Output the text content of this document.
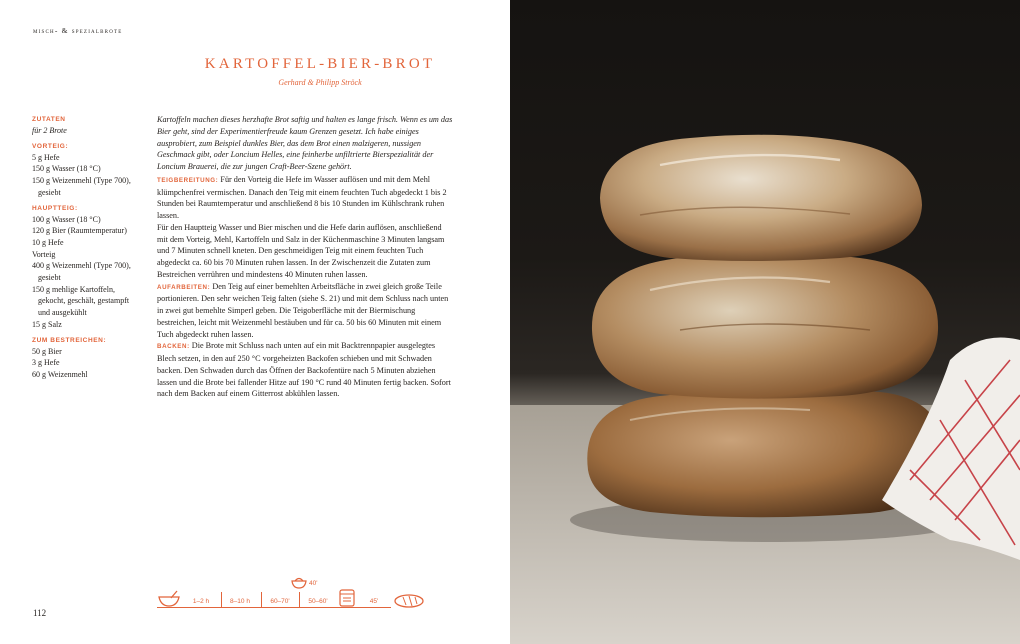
misch- & spezialbrote
KARTOFFEL-BIER-BROT
Gerhard & Philipp Ströck
ZUTATEN
für 2 Brote
VORTEIG:
5 g Hefe
150 g Wasser (18 °C)
150 g Weizenmehl (Type 700),
gesiebt
HAUPTTEIG:
100 g Wasser (18 °C)
120 g Bier (Raumtemperatur)
10 g Hefe
Vorteig
400 g Weizenmehl (Type 700),
gesiebt
150 g mehlige Kartoffeln,
gekocht, geschält, gestampft
und ausgekühlt
15 g Salz
ZUM BESTREICHEN:
50 g Bier
3 g Hefe
60 g Weizenmehl

Kartoffeln machen dieses herzhafte Brot saftig und halten es lange frisch. Wenn es um das Bier geht, sind der Experimentierfreude kaum Grenzen gesetzt. Ich habe einiges ausprobiert, zum Beispiel dunkles Bier, das dem Brot einen malzigeren, nussigen Geschmack gibt, oder Loncium Helles, eine feinherbe unfiltrierte Bierspezialität der Loncium Brauerei, die zur jungen Craft-Beer-Szene gehört.

TEIGBEREITUNG: Für den Vorteig die Hefe im Wasser auflösen und mit dem Mehl klümpchenfrei vermischen. Danach den Teig mit einem feuchten Tuch abgedeckt 1 bis 2 Stunden bei Raumtemperatur und anschließend 8 bis 10 Stunden im Kühlschrank ruhen lassen.

Für den Hauptteig Wasser und Bier mischen und die Hefe darin auflösen, anschließend mit dem Vorteig, Mehl, Kartoffeln und Salz in der Küchenmaschine 3 Minuten langsam und 7 Minuten schnell kneten. Den geschmeidigen Teig mit einem feuchten Tuch abgedeckt ca. 60 bis 70 Minuten ruhen lassen. In der Zwischenzeit die Zutaten zum Bestreichen verrühren und mindestens 40 Minuten ruhen lassen.

AUFARBEITEN: Den Teig auf einer bemehlten Arbeitsfläche in zwei gleich große Teile portionieren. Den sehr weichen Teig falten (siehe S. 21) und mit dem Schluss nach unten in zwei gut bemehlte Simperl geben. Die Teigoberfläche mit der Biermischung bestreichen, leicht mit Weizenmehl bestäuben und für ca. 50 bis 60 Minuten mit einem Tuch abgedeckt ruhen lassen.

BACKEN: Die Brote mit Schluss nach unten auf ein mit Backtrennpapier ausgelegtes Blech setzen, in den auf 250 °C vorgeheizten Backofen schieben und mit Schwaden backen. Den Schwaden durch das Öffnen der Backofentüre nach 5 Minuten abziehen lassen und die Brote bei fallender Hitze auf 190 °C rund 40 Minuten fertig backen. Sofort nach dem Backen auf einem Gitterrost abkühlen lassen.

1–2 h	8–10 h	60–70'
40'
50–60'	45'
112
